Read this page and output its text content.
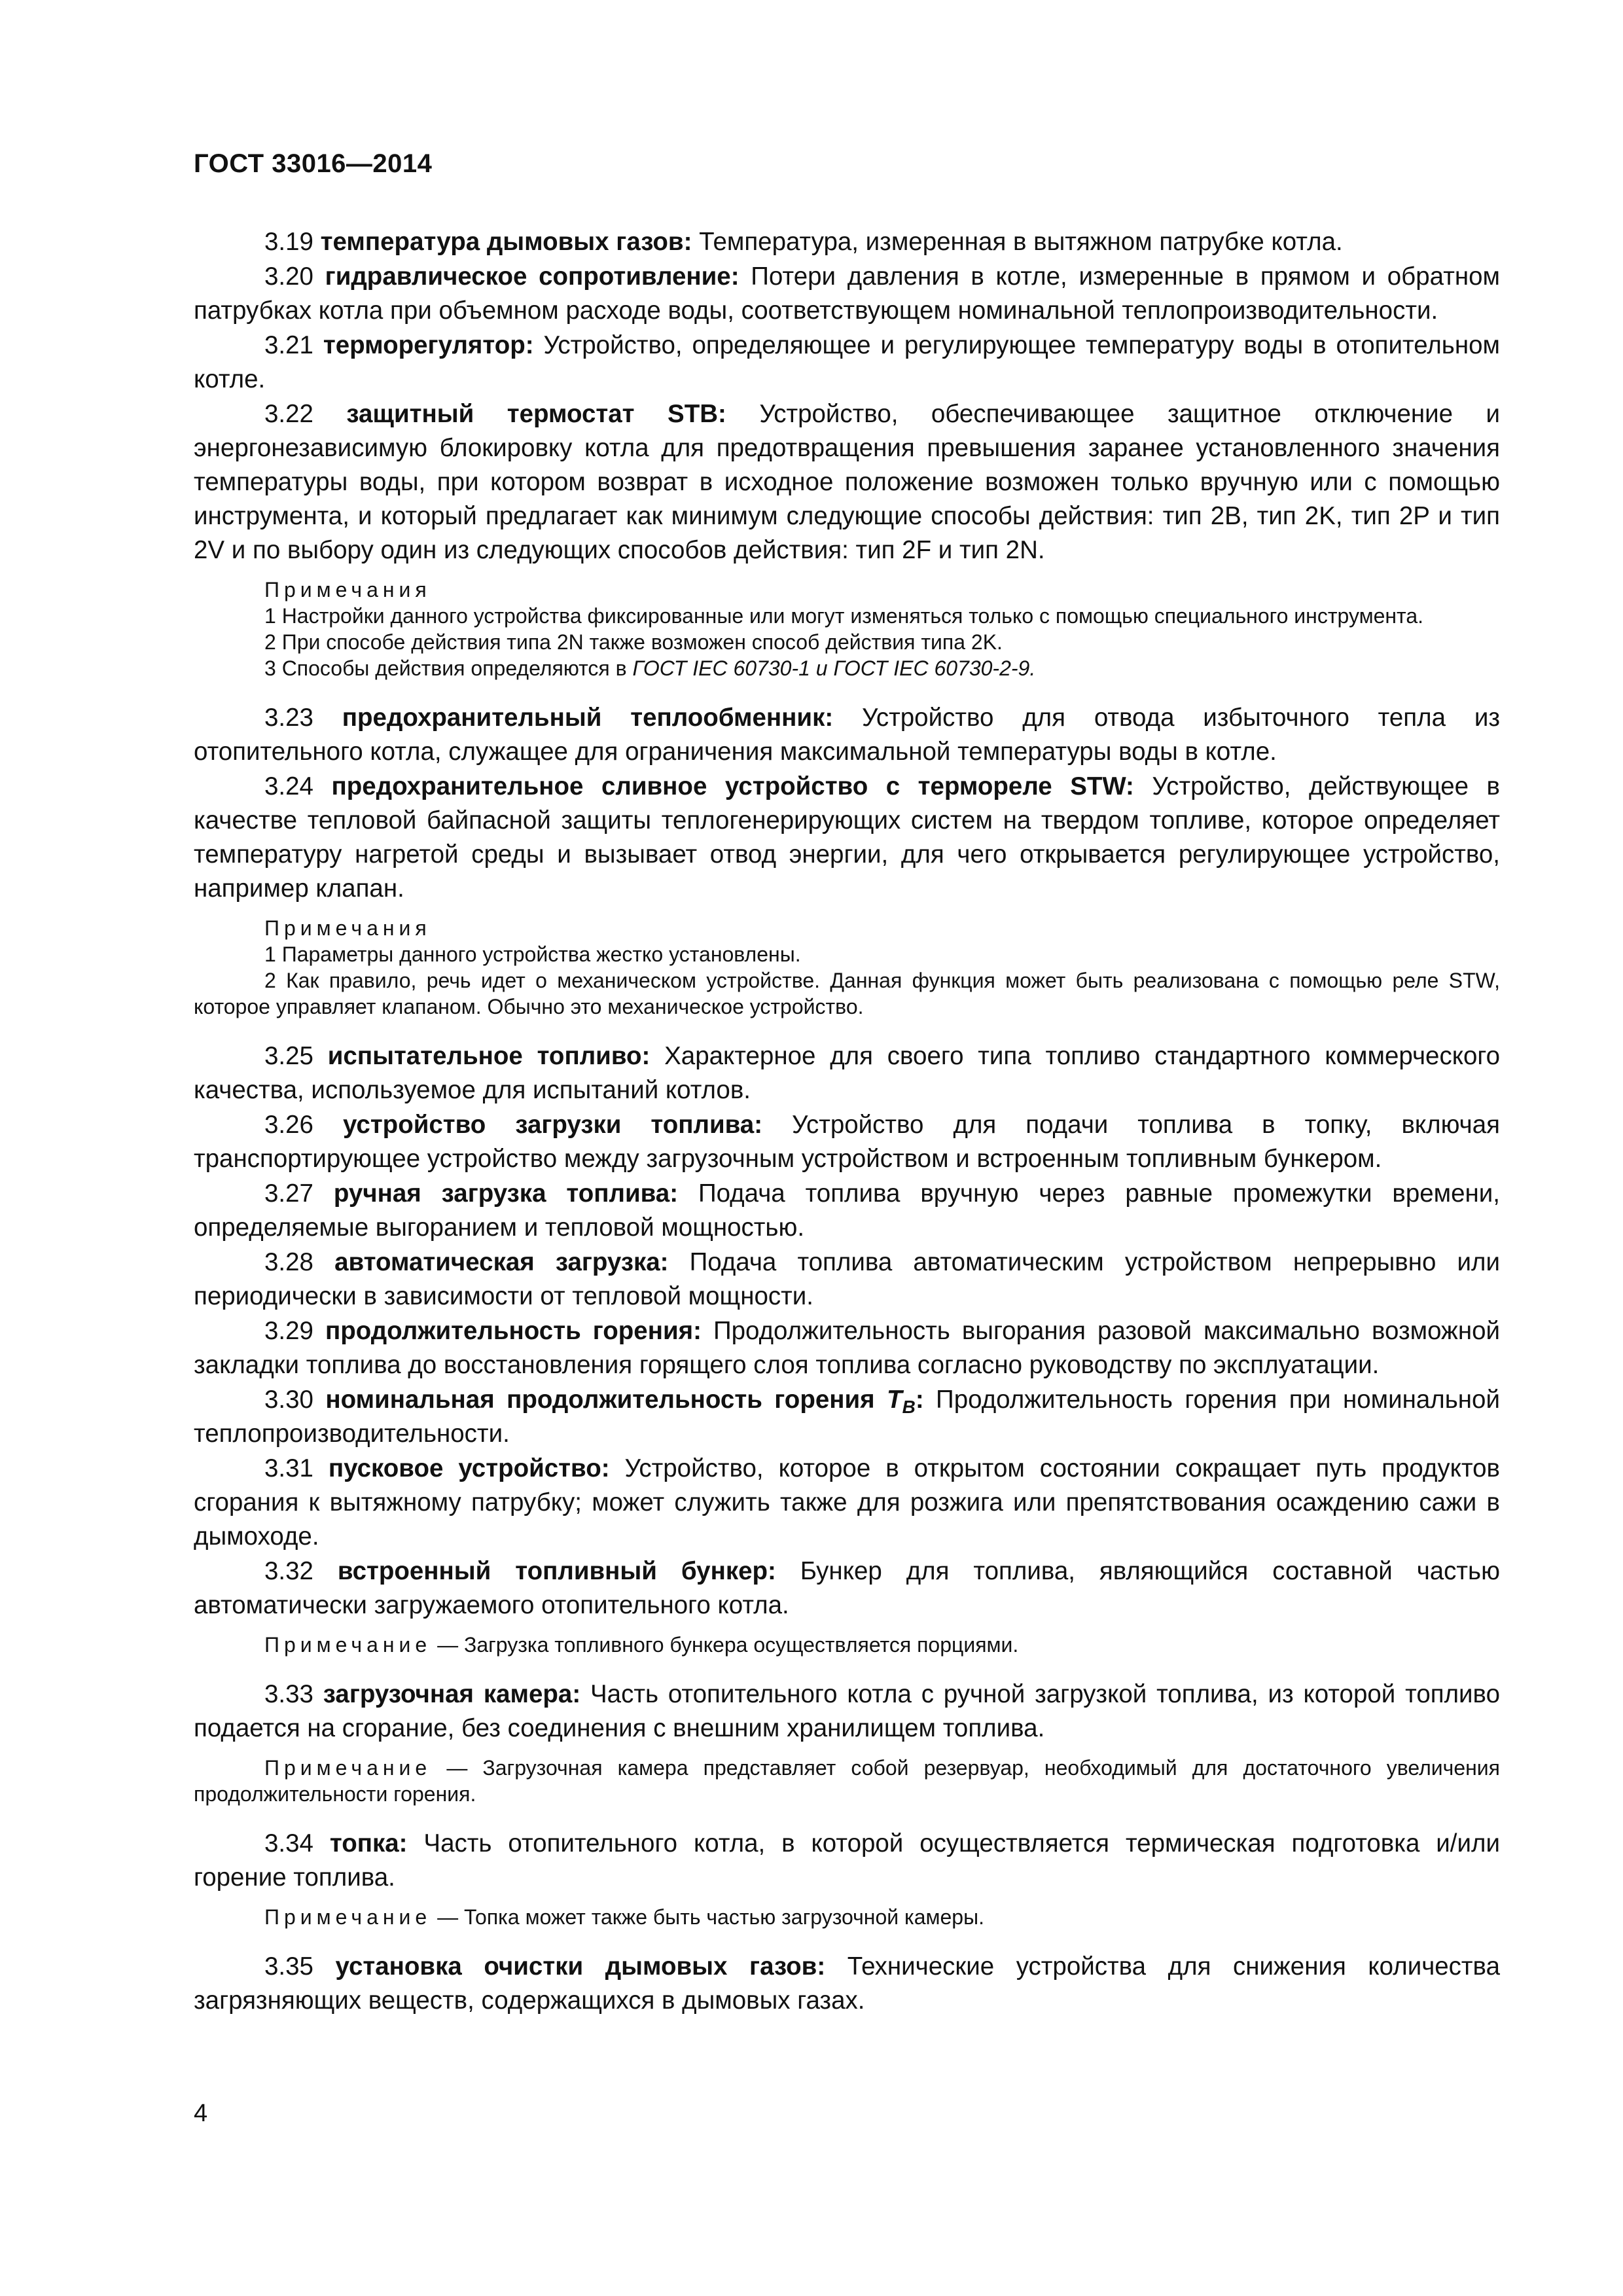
ГОСТ 33016—2014

3.19 температура дымовых газов: Температура, измеренная в вытяжном патрубке котла.

3.20 гидравлическое сопротивление: Потери давления в котле, измеренные в прямом и обратном патрубках котла при объемном расходе воды, соответствующем номинальной теплопроизводительности.

3.21 терморегулятор: Устройство, определяющее и регулирующее температуру воды в отопительном котле.

3.22 защитный термостат STB: Устройство, обеспечивающее защитное отключение и энергонезависимую блокировку котла для предотвращения превышения заранее установленного значения температуры воды, при котором возврат в исходное положение возможен только вручную или с помощью инструмента, и который предлагает как минимум следующие способы действия: тип 2B, тип 2K, тип 2P и тип 2V и по выбору один из следующих способов действия: тип 2F и тип 2N.

Примечания
1 Настройки данного устройства фиксированные или могут изменяться только с помощью специального инструмента.
2 При способе действия типа 2N также возможен способ действия типа 2K.
3 Способы действия определяются в ГОСТ IEC 60730-1 и ГОСТ IEC 60730-2-9.

3.23 предохранительный теплообменник: Устройство для отвода избыточного тепла из отопительного котла, служащее для ограничения максимальной температуры воды в котле.

3.24 предохранительное сливное устройство с термореле STW: Устройство, действующее в качестве тепловой байпасной защиты теплогенерирующих систем на твердом топливе, которое определяет температуру нагретой среды и вызывает отвод энергии, для чего открывается регулирующее устройство, например клапан.

Примечания
1 Параметры данного устройства жестко установлены.
2 Как правило, речь идет о механическом устройстве. Данная функция может быть реализована с помощью реле STW, которое управляет клапаном. Обычно это механическое устройство.

3.25 испытательное топливо: Характерное для своего типа топливо стандартного коммерческого качества, используемое для испытаний котлов.

3.26 устройство загрузки топлива: Устройство для подачи топлива в топку, включая транспортирующее устройство между загрузочным устройством и встроенным топливным бункером.

3.27 ручная загрузка топлива: Подача топлива вручную через равные промежутки времени, определяемые выгоранием и тепловой мощностью.

3.28 автоматическая загрузка: Подача топлива автоматическим устройством непрерывно или периодически в зависимости от тепловой мощности.

3.29 продолжительность горения: Продолжительность выгорания разовой максимально возможной закладки топлива до восстановления горящего слоя топлива согласно руководству по эксплуатации.

3.30 номинальная продолжительность горения $T_B$: Продолжительность горения при номинальной теплопроизводительности.

3.31 пусковое устройство: Устройство, которое в открытом состоянии сокращает путь продуктов сгорания к вытяжному патрубку; может служить также для розжига или препятствования осаждению сажи в дымоходе.

3.32 встроенный топливный бункер: Бункер для топлива, являющийся составной частью автоматически загружаемого отопительного котла.

Примечание — Загрузка топливного бункера осуществляется порциями.

3.33 загрузочная камера: Часть отопительного котла с ручной загрузкой топлива, из которой топливо подается на сгорание, без соединения с внешним хранилищем топлива.

Примечание — Загрузочная камера представляет собой резервуар, необходимый для достаточного увеличения продолжительности горения.

3.34 топка: Часть отопительного котла, в которой осуществляется термическая подготовка и/или горение топлива.

Примечание — Топка может также быть частью загрузочной камеры.

3.35 установка очистки дымовых газов: Технические устройства для снижения количества загрязняющих веществ, содержащихся в дымовых газах.

4
